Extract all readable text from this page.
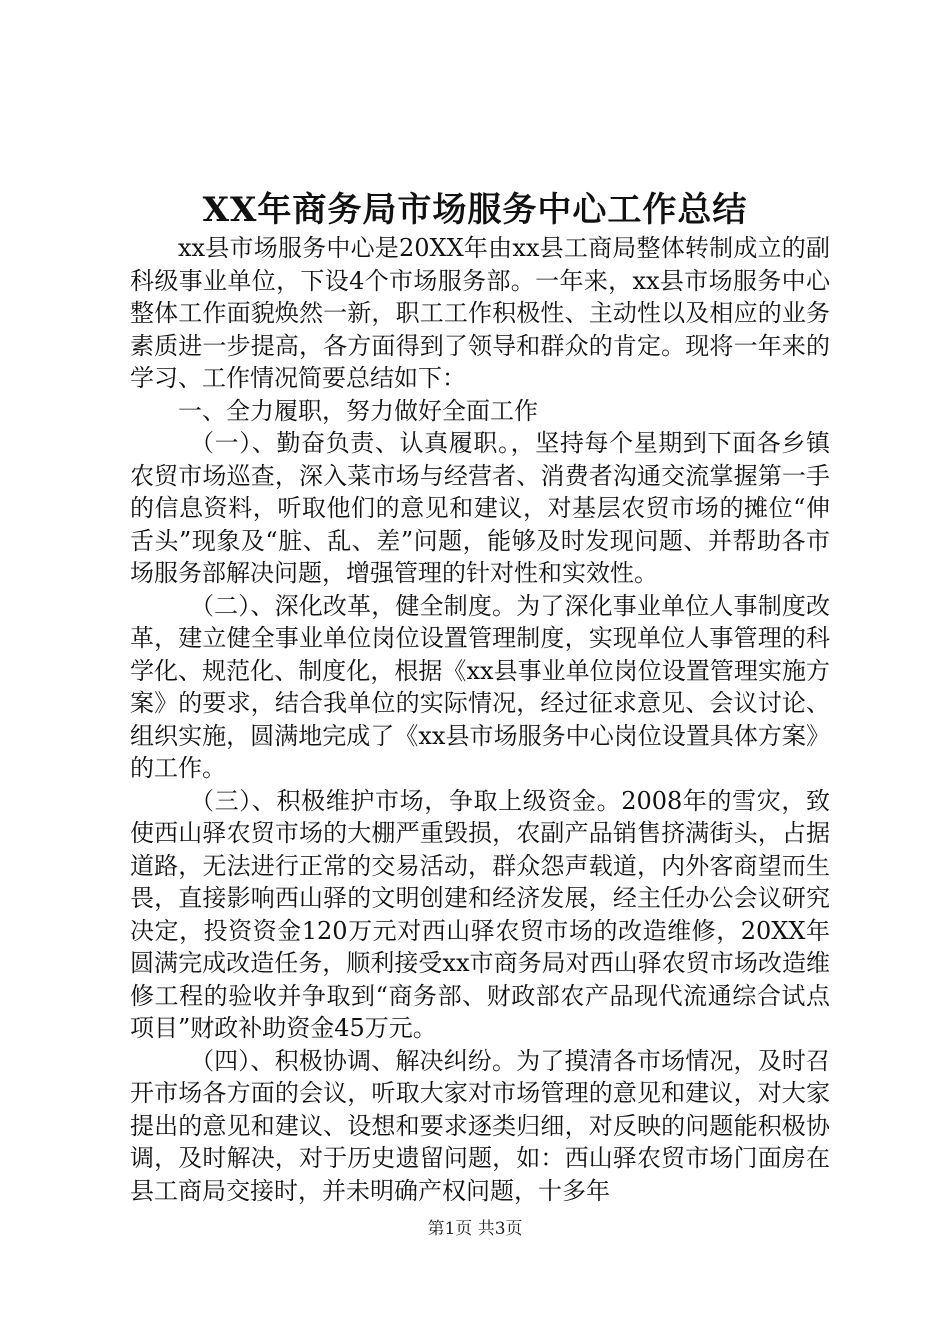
XX年商务局市场服务中心工作总结

xx县市场服务中心是20XX年由xx县工商局整体转制成立的副科级事业单位，下设4个市场服务部。一年来，xx县市场服务中心整体工作面貌焕然一新，职工工作积极性、主动性以及相应的业务素质进一步提高，各方面得到了领导和群众的肯定。现将一年来的学习、工作情况简要总结如下：

一、全力履职，努力做好全面工作

（一）、勤奋负责、认真履职。，坚持每个星期到下面各乡镇农贸市场巡查，深入菜市场与经营者、消费者沟通交流掌握第一手的信息资料，听取他们的意见和建议，对基层农贸市场的摊位“伸舌头”现象及“脏、乱、差”问题，能够及时发现问题、并帮助各市场服务部解决问题，增强管理的针对性和实效性。

（二）、深化改革，健全制度。为了深化事业单位人事制度改革，建立健全事业单位岗位设置管理制度，实现单位人事管理的科学化、规范化、制度化，根据《xx县事业单位岗位设置管理实施方案》的要求，结合我单位的实际情况，经过征求意见、会议讨论、组织实施，圆满地完成了《xx县市场服务中心岗位设置具体方案》的工作。

（三）、积极维护市场，争取上级资金。2008年的雪灾，致使西山驿农贸市场的大棚严重毁损，农副产品销售挤满街头，占据道路，无法进行正常的交易活动，群众怨声载道，内外客商望而生畏，直接影响西山驿的文明创建和经济发展，经主任办公会议研究决定，投资资金120万元对西山驿农贸市场的改造维修，20XX年圆满完成改造任务，顺利接受xx市商务局对西山驿农贸市场改造维修工程的验收并争取到“商务部、财政部农产品现代流通综合试点项目”财政补助资金45万元。

（四）、积极协调、解决纠纷。为了摸清各市场情况，及时召开市场各方面的会议，听取大家对市场管理的意见和建议，对大家提出的意见和建议、设想和要求逐类归细，对反映的问题能积极协调，及时解决，对于历史遗留问题，如：西山驿农贸市场门面房在县工商局交接时，并未明确产权问题，十多年

第1页 共3页
